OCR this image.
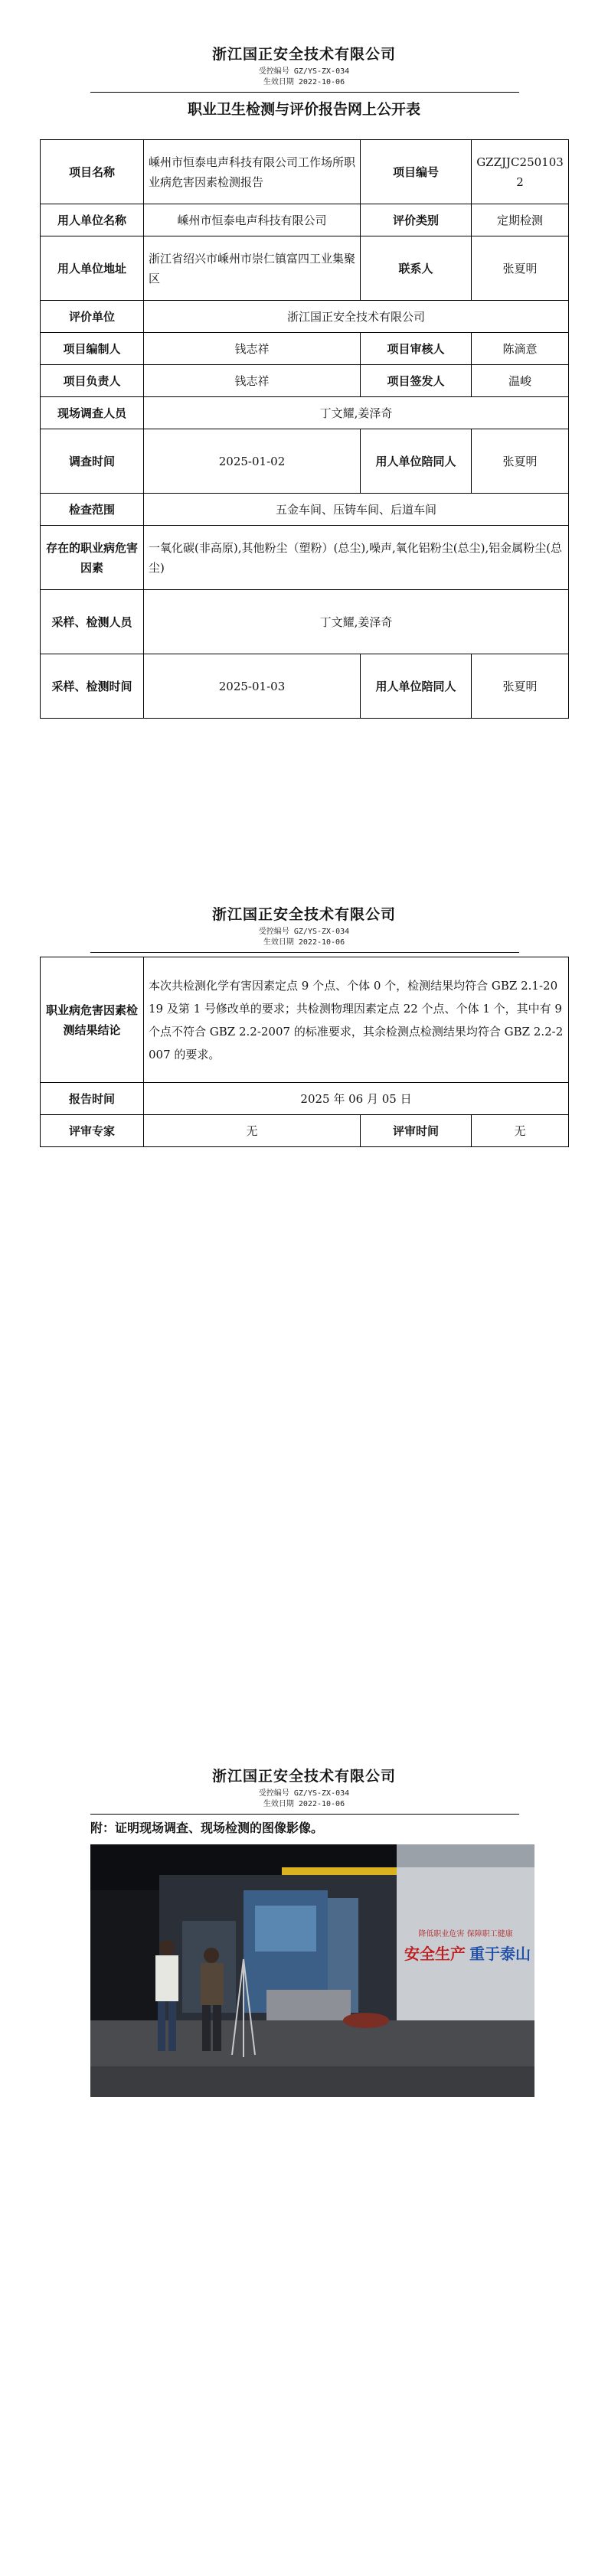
浙江国正安全技术有限公司
受控编号 GZ/YS-ZX-034
生效日期 2022-10-06
职业卫生检测与评价报告网上公开表
项目名称	嵊州市恒泰电声科技有限公司工作场所职业病危害因素检测报告	项目编号	GZZJJC2501032
用人单位名称	嵊州市恒泰电声科技有限公司	评价类别	定期检测
用人单位地址	浙江省绍兴市嵊州市崇仁镇富四工业集聚区	联系人	张夏明
评价单位	浙江国正安全技术有限公司		
项目编制人	钱志祥	项目审核人	陈滴意
项目负责人	钱志祥	项目签发人	温峻
现场调查人员	丁文耀,姜泽奇		
调查时间	2025-01-02	用人单位陪同人	张夏明
检查范围	五金车间、压铸车间、后道车间		
存在的职业病危害因素	一氧化碳(非高原),其他粉尘（塑粉）(总尘),噪声,氧化铝粉尘(总尘),铝金属粉尘(总尘)		
采样、检测人员	丁文耀,姜泽奇		
采样、检测时间	2025-01-03	用人单位陪同人	张夏明
浙江国正安全技术有限公司
受控编号 GZ/YS-ZX-034
生效日期 2022-10-06
职业病危害因素检测结果结论	本次共检测化学有害因素定点 9 个点、个体 0 个，检测结果均符合 GBZ 2.1-2019 及第 1 号修改单的要求；共检测物理因素定点 22 个点、个体 1 个，其中有 9 个点不符合 GBZ 2.2-2007 的标准要求，其余检测点检测结果均符合 GBZ 2.2-2007 的要求。		
报告时间	2025 年 06 月 05 日		
评审专家	无	评审时间	无
浙江国正安全技术有限公司
受控编号 GZ/YS-ZX-034
生效日期 2022-10-06
附：证明现场调查、现场检测的图像影像。
降低职业危害 保障职工健康
安全生产 重于泰山
